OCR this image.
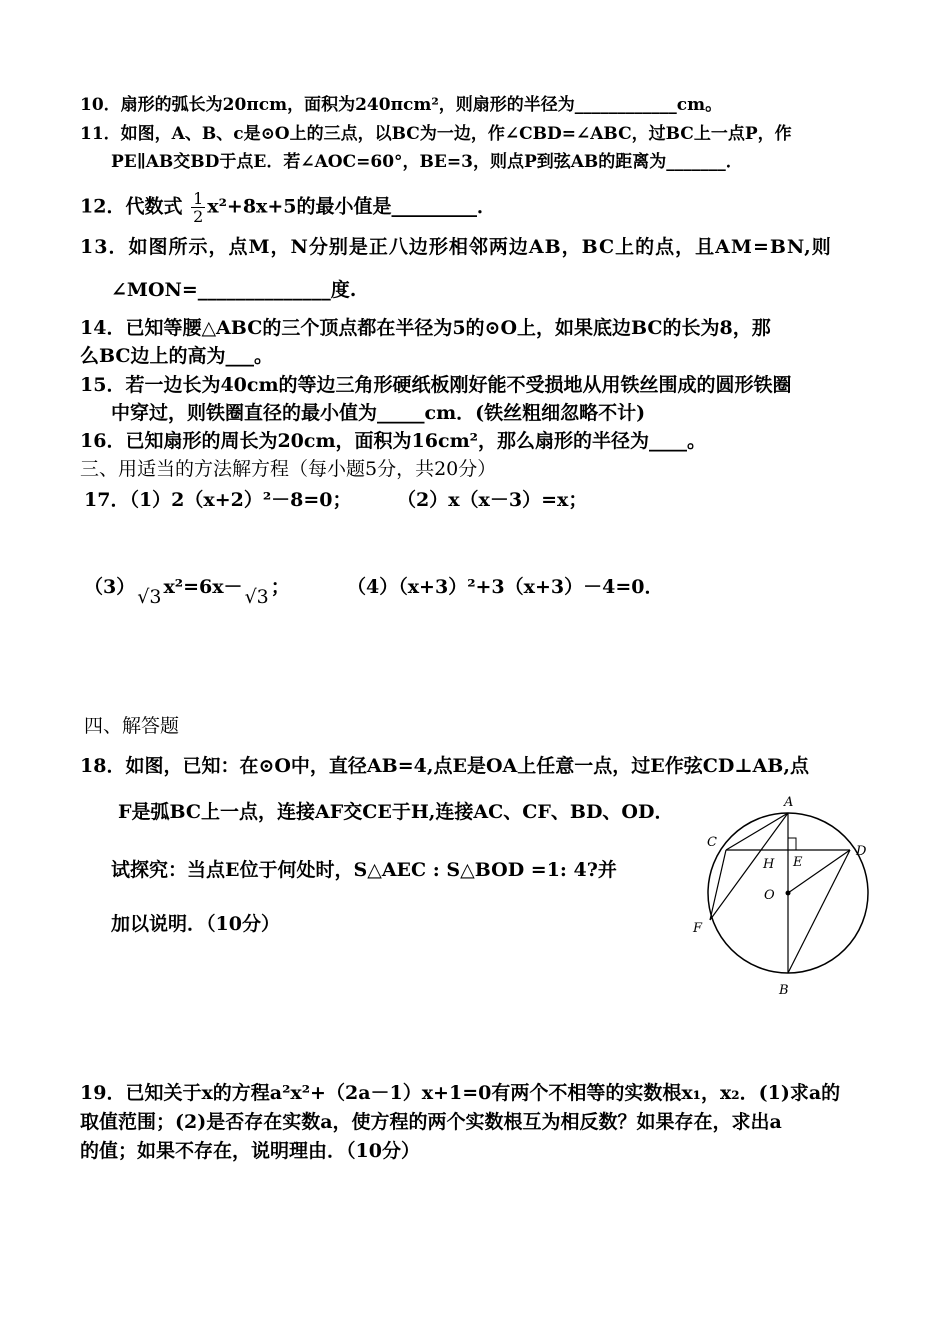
10．扇形的弧长为20πcm，面积为240πcm²，则扇形的半径为____________cm。
11．如图，A、B、c是⊙O上的三点，以BC为一边，作∠CBD=∠ABC，过BC上一点P，作
PE∥AB交BD于点E．若∠AOC=60°，BE=3，则点P到弦AB的距离为_______．
12．代数式 $\frac{1}{2} x^2+8x+5$的最小值是_________．
13．如图所示，点M，N分别是正八边形相邻两边AB，BC上的点，且AM=BN,则
∠MON=______________度.
14．已知等腰△ABC的三个顶点都在半径为5的⊙O上，如果底边BC的长为8，那
么BC边上的高为___。
15．若一边长为40cm的等边三角形硬纸板刚好能不受损地从用铁丝围成的圆形铁圈
中穿过，则铁圈直径的最小值为_____cm．(铁丝粗细忽略不计)
16．已知扇形的周长为20cm，面积为16cm²，那么扇形的半径为____。
三、用适当的方法解方程（每小题5分，共20分）
17．（1）2（x+2）²－8=0； （2）x（x－3）=x；
（3） √3 x²=6x－ √3 ；	（4）（x+3）²+3（x+3）－4=0．
四、解答题
18．如图，已知：在⊙O中，直径AB=4,点E是OA上任意一点，过E作弦CD⊥AB,点
F是弧BC上一点，连接AF交CE于H,连接AC、CF、BD、OD．
试探究：当点E位于何处时，S△AEC : S△BOD =1: 4?并
加以说明．（10分）
A
B
C
D
E
F
H
O
19．已知关于x的方程a²x²+（2a－1）x+1=0有两个不相等的实数根x₁，x₂．(1)求a的
取值范围；(2)是否存在实数a，使方程的两个实数根互为相反数？如果存在，求出a
的值；如果不存在，说明理由．（10分）
